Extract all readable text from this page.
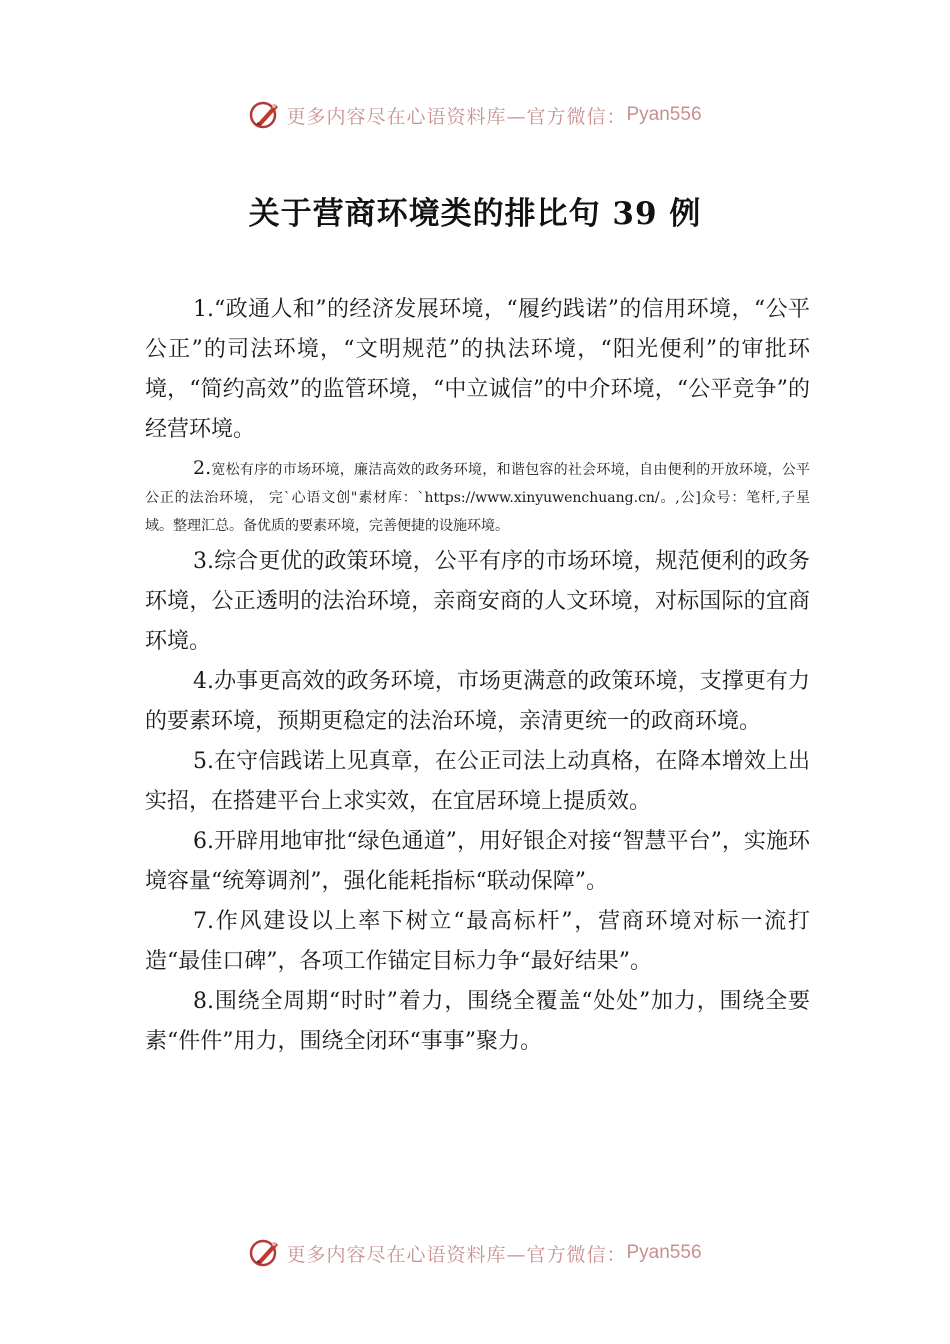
更多内容尽在心语资料库—官方微信： Pyan556
关于营商环境类的排比句 39 例

1.“政通人和”的经济发展环境，“履约践诺”的信用环境，“公平公正”的司法环境，“文明规范”的执法环境，“阳光便利”的审批环境，“简约高效”的监管环境，“中立诚信”的中介环境，“公平竞争”的经营环境。

2.宽松有序的市场环境，廉洁高效的政务环境，和谐包容的社会环境，自由便利的开放环境，公平公正的法治环境， 完`心语文创"素材库：`https://www.xinyuwenchuang.cn/。,公]众号：笔杆,子星域。整理汇总。备优质的要素环境，完善便捷的设施环境。

3.综合更优的政策环境，公平有序的市场环境，规范便利的政务环境，公正透明的法治环境，亲商安商的人文环境，对标国际的宜商环境。

4.办事更高效的政务环境，市场更满意的政策环境，支撑更有力的要素环境，预期更稳定的法治环境，亲清更统一的政商环境。

5.在守信践诺上见真章，在公正司法上动真格，在降本增效上出实招，在搭建平台上求实效，在宜居环境上提质效。

6.开辟用地审批“绿色通道”，用好银企对接“智慧平台”，实施环境容量“统筹调剂”，强化能耗指标“联动保障”。

7.作风建设以上率下树立“最高标杆”，营商环境对标一流打造“最佳口碑”，各项工作锚定目标力争“最好结果”。

8.围绕全周期“时时”着力，围绕全覆盖“处处”加力，围绕全要素“件件”用力，围绕全闭环“事事”聚力。

更多内容尽在心语资料库—官方微信： Pyan556
